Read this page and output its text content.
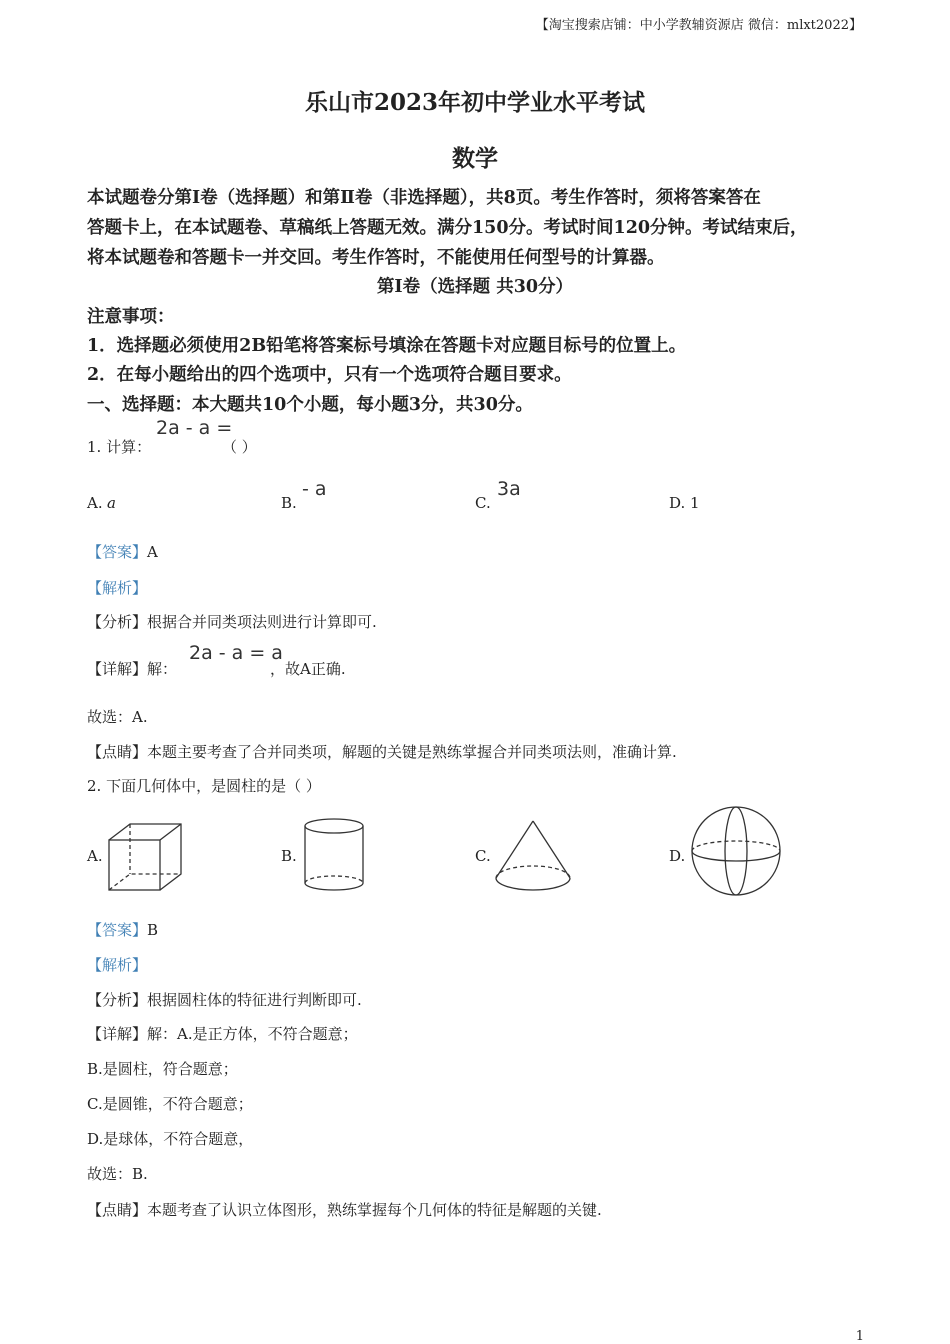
【淘宝搜索店铺：中小学教辅资源店 微信：mlxt2022】
乐山市2023年初中学业水平考试
数学
本试题卷分第Ⅰ卷（选择题）和第Ⅱ卷（非选择题），共8页。考生作答时，须将答案答在
答题卡上，在本试题卷、草稿纸上答题无效。满分150分。考试时间120分钟。考试结束后，
将本试题卷和答题卡一并交回。考生作答时，不能使用任何型号的计算器。
第Ⅰ卷（选择题 共30分）
注意事项：
1．选择题必须使用2B铅笔将答案标号填涂在答题卡对应题目标号的位置上。
2．在每小题给出的四个选项中，只有一个选项符合题目要求。
一、选择题：本大题共10个小题，每小题3分，共30分。
1. 计算：
2a - a =
（ ）
A. a	B.
- a
C.
3a
D. 1
【答案】A
【解析】
【分析】根据合并同类项法则进行计算即可.
【详解】解：
2a - a = a
，故A正确.
故选：A.
【点睛】本题主要考查了合并同类项，解题的关键是熟练掌握合并同类项法则，准确计算.
2. 下面几何体中，是圆柱的是（ ）
A.	B.	C.	D.
【答案】B
【解析】
【分析】根据圆柱体的特征进行判断即可.
【详解】解：A.是正方体，不符合题意；
B.是圆柱，符合题意；
C.是圆锥，不符合题意；
D.是球体，不符合题意，
故选：B.
【点睛】本题考查了认识立体图形，熟练掌握每个几何体的特征是解题的关键.
1
